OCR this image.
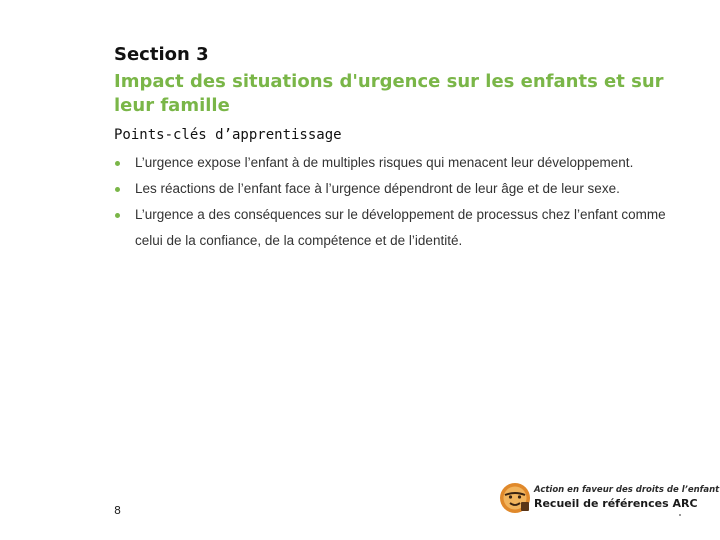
Section 3
Impact des situations d'urgence sur les enfants et sur leur famille

Points-clés d’apprentissage

L’urgence expose l’enfant à de multiples risques qui menacent leur développement.
Les réactions de l’enfant face à l’urgence dépendront de leur âge et de leur sexe.
L’urgence a des conséquences sur le développement de processus chez l’enfant comme celui de la confiance, de la compétence et de l’identité.
8
Action en faveur des droits de l’enfant
Recueil de références ARC
